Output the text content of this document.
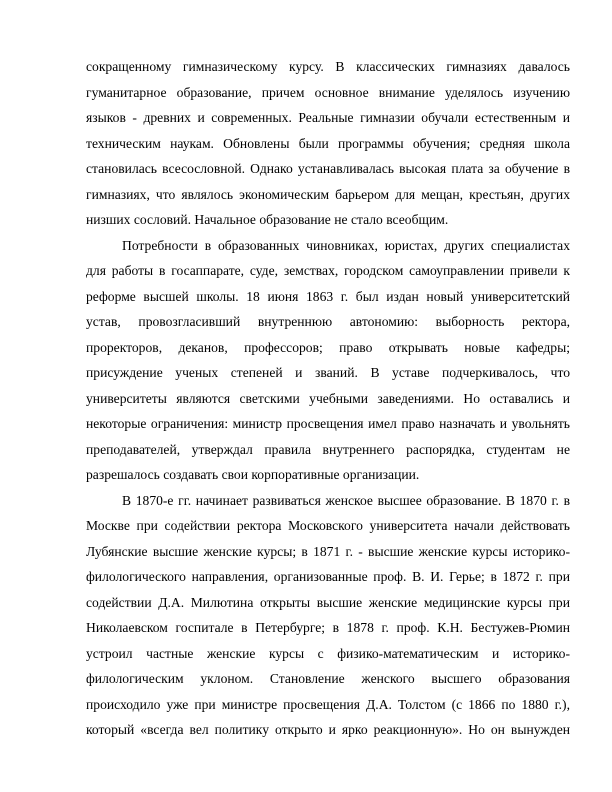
сокращенному гимназическому курсу. В классических гимназиях давалось
гуманитарное образование, причем основное внимание уделялось изучению
языков - древних и современных. Реальные гимназии обучали естественным и
техническим наукам. Обновлены были программы обучения; средняя школа
становилась всесословной. Однако устанавливалась высокая плата за обучение в
гимназиях, что являлось экономическим барьером для мещан, крестьян, других
низших сословий. Начальное образование не стало всеобщим.
Потребности в образованных чиновниках, юристах, других специалистах
для работы в госаппарате, суде, земствах, городском самоуправлении привели к
реформе высшей школы. 18 июня 1863 г. был издан новый университетский
устав, провозгласивший внутреннюю автономию: выборность ректора,
проректоров, деканов, профессоров; право открывать новые кафедры;
присуждение ученых степеней и званий. В уставе подчеркивалось, что
университеты являются светскими учебными заведениями. Но оставались и
некоторые ограничения: министр просвещения имел право назначать и увольнять
преподавателей, утверждал правила внутреннего распорядка, студентам не
разрешалось создавать свои корпоративные организации.
В 1870-е гг. начинает развиваться женское высшее образование. В 1870 г. в
Москве при содействии ректора Московского университета начали действовать
Лубянские высшие женские курсы; в 1871 г. - высшие женские курсы историко-
филологического направления, организованные проф. В. И. Герье; в 1872 г. при
содействии Д.А. Милютина открыты высшие женские медицинские курсы при
Николаевском госпитале в Петербурге; в 1878 г. проф. К.Н. Бестужев-Рюмин
устроил частные женские курсы с физико-математическим и историко-
филологическим уклоном. Становление женского высшего образования
происходило уже при министре просвещения Д.А. Толстом (с 1866 по 1880 г.),
который «всегда вел политику открыто и ярко реакционную». Но он вынужден
